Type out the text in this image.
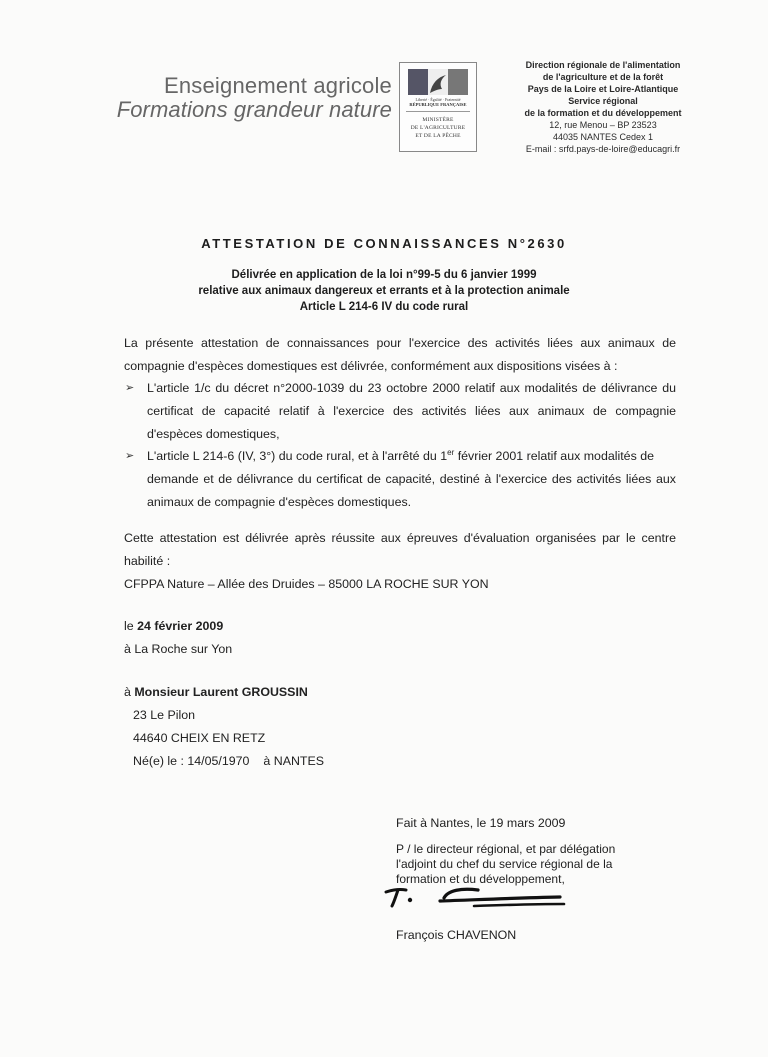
Enseignement agricole
Formations grandeur nature	Liberté · Égalité · Fraternité
RÉPUBLIQUE FRANÇAISE
MINISTÈRE
DE L'AGRICULTURE
ET DE LA PÊCHE
Direction régionale de l'alimentation
de l'agriculture et de la forêt
Pays de la Loire et Loire-Atlantique
Service régional
de la formation et du développement
12, rue Menou – BP 23523
44035 NANTES Cedex 1
E-mail : srfd.pays-de-loire@educagri.fr
ATTESTATION DE CONNAISSANCES N°2630
Délivrée en application de la loi n°99-5 du 6 janvier 1999
relative aux animaux dangereux et errants et à la protection animale
Article L 214-6 IV du code rural
La présente attestation de connaissances pour l'exercice des activités liées aux animaux de
compagnie d'espèces domestiques est délivrée, conformément aux dispositions visées à :
➢ L'article 1/c du décret n°2000-1039 du 23 octobre 2000 relatif aux modalités de délivrance du
certificat de capacité relatif à l'exercice des activités liées aux animaux de compagnie
d'espèces domestiques,
➢ L'article L 214-6 (IV, 3°) du code rural, et à l'arrêté du 1er février 2001 relatif aux modalités de
demande et de délivrance du certificat de capacité, destiné à l'exercice des activités liées aux
animaux de compagnie d'espèces domestiques.
Cette attestation est délivrée après réussite aux épreuves d'évaluation organisées par le centre
habilité :
CFPPA Nature – Allée des Druides – 85000 LA ROCHE SUR YON
le 24 février 2009
à La Roche sur Yon
à Monsieur Laurent GROUSSIN
23 Le Pilon
44640 CHEIX EN RETZ
Né(e) le : 14/05/1970 à NANTES
Fait à Nantes, le 19 mars 2009
P / le directeur régional, et par délégation
l'adjoint du chef du service régional de la
formation et du développement,
François CHAVENON
